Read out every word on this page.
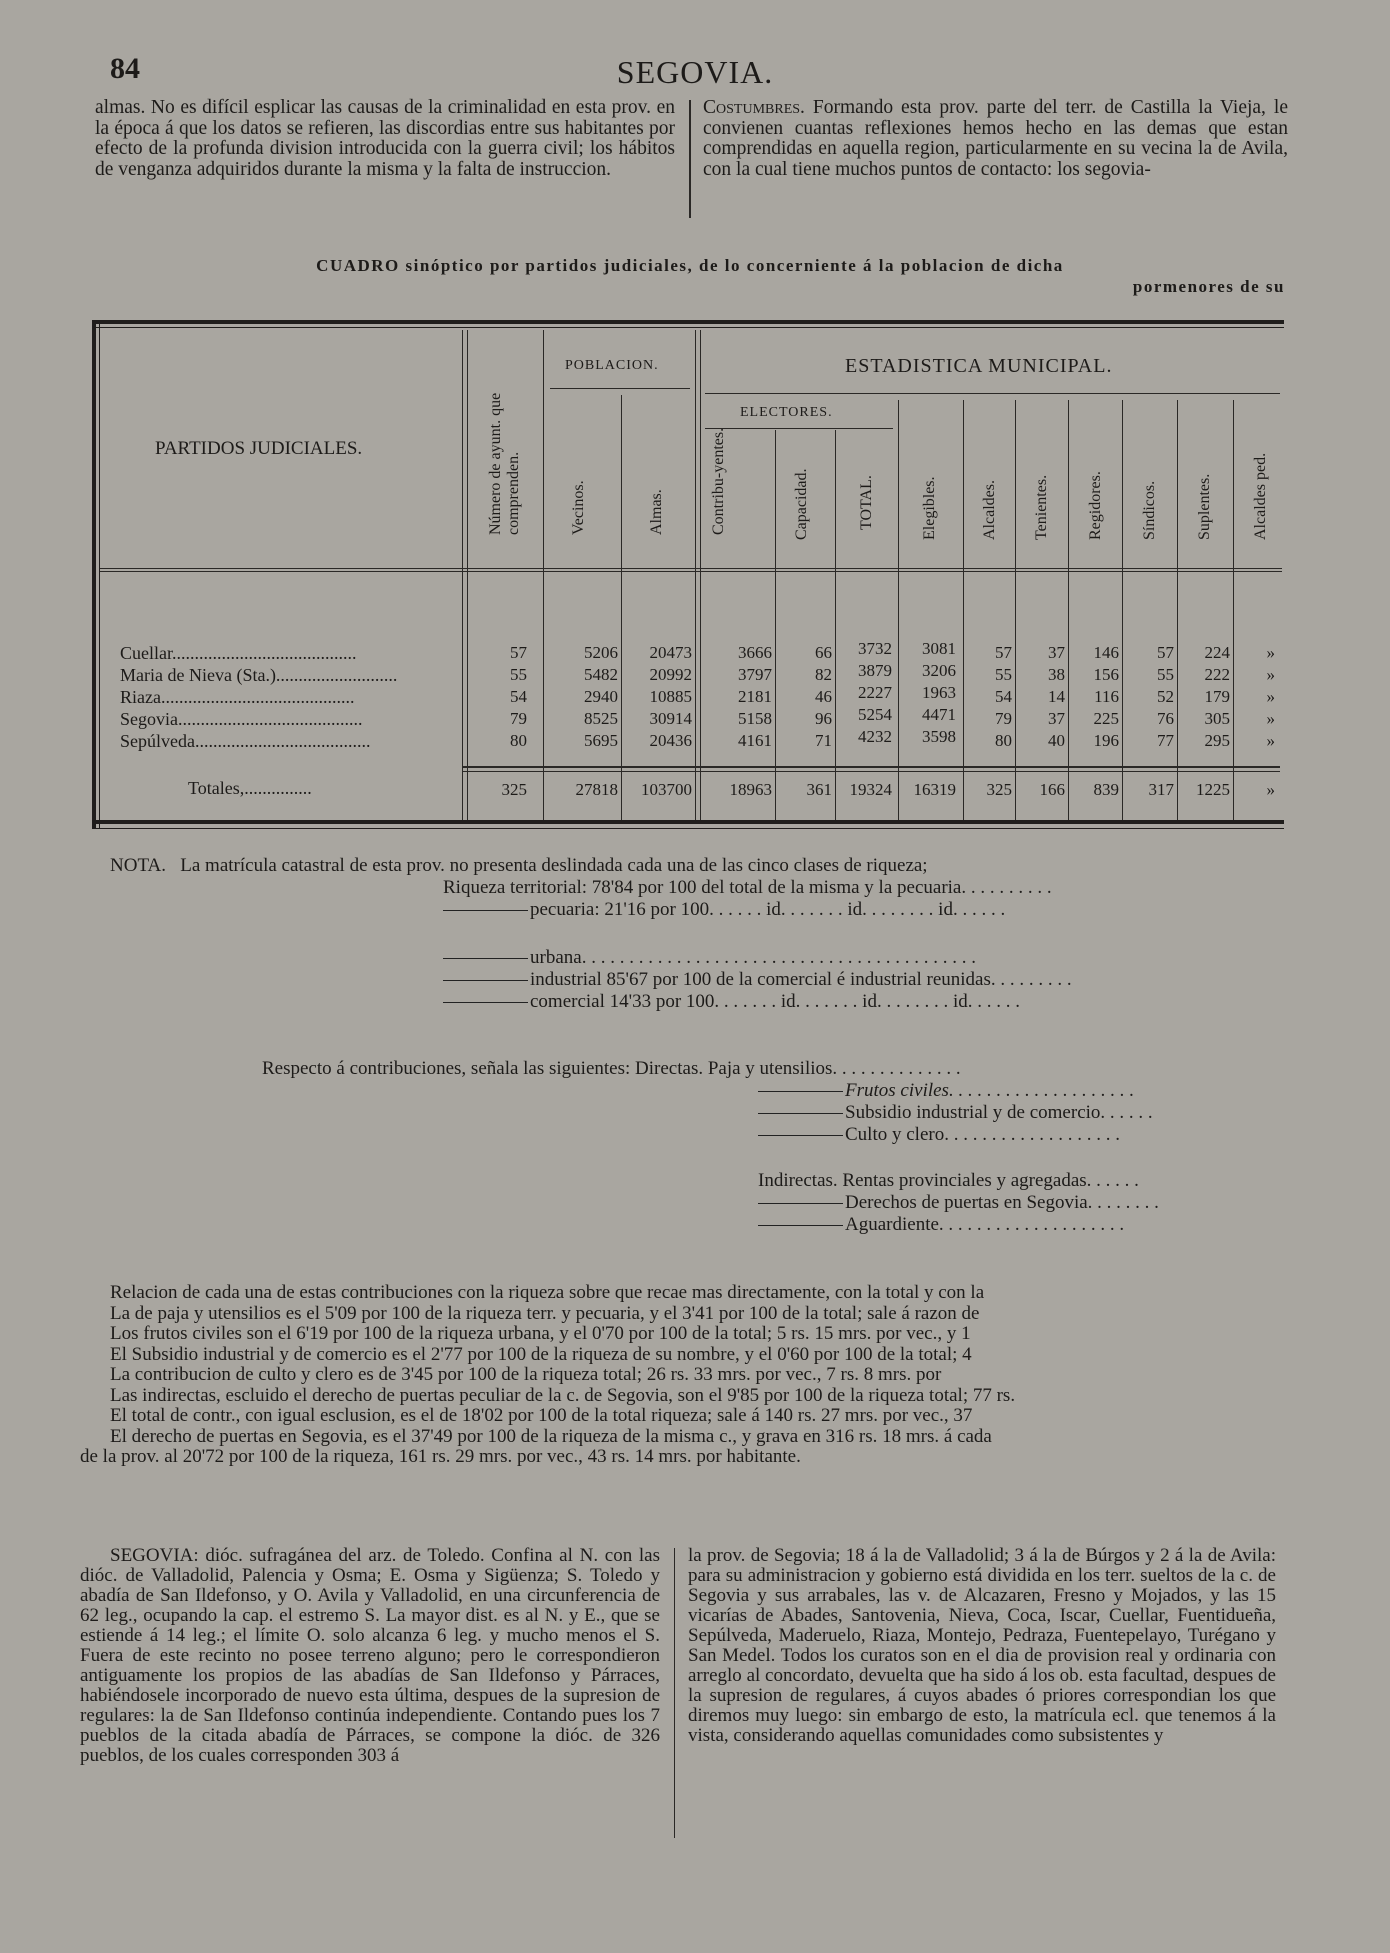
84	SEGOVIA.

almas. No es difícil esplicar las causas de la criminalidad en esta prov. en la época á que los datos se refieren, las discordias entre sus habitantes por efecto de la profunda division introducida con la guerra civil; los hábitos de venganza adquiridos durante la misma y la falta de instruccion.

Costumbres. Formando esta prov. parte del terr. de Castilla la Vieja, le convienen cuantas reflexiones hemos hecho en las demas que estan comprendidas en aquella region, particularmente en su vecina la de Avila, con la cual tiene muchos puntos de contacto: los segovia-

CUADRO sinóptico por partidos judiciales, de lo concerniente á la poblacion de dicha
pormenores de su
PARTIDOS JUDICIALES.	Número de ayunt. que comprenden.
POBLACION.
Vecinos.	Almas.
ESTADISTICA MUNICIPAL.
ELECTORES.
Contribu-yentes.	Capacidad.	TOTAL.	Elegibles.	Alcaldes. Tenientes. Regidores. Síndicos. Suplentes. Alcaldes ped.
Cuellar.........................................	57	5206	20473	3666	66	3732	3081	57	37	146	57	224	»
Maria de Nieva (Sta.)...........................	55	5482	20992	3797	82	3879	3206	55	38	156	55	222	»
Riaza...........................................	54	2940	10885	2181	46	2227	1963	54	14	116	52	179	»
Segovia.........................................	79	8525	30914	5158	96	5254	4471	79	37	225	76	305	»
Sepúlveda.......................................	80	5695	20436	4161	71	4232	3598	80	40	196	77	295	»
Totales,...............	325	27818	103700	18963	361	19324	16319	325	166	839	317	1225	»
NOTA. La matrícula catastral de esta prov. no presenta deslindada cada una de las cinco clases de riqueza;
Riqueza territorial: 78'84 por 100 del total de la misma y la pecuaria. . . . . . . . . .
pecuaria: 21'16 por 100. . . . . . id. . . . . . . id. . . . . . . . id. . . . . .
urbana. . . . . . . . . . . . . . . . . . . . . . . . . . . . . . . . . . . . . . . . . .
industrial 85'67 por 100 de la comercial é industrial reunidas. . . . . . . . .
comercial 14'33 por 100. . . . . . . id. . . . . . . id. . . . . . . . id. . . . . .
Respecto á contribuciones, señala las siguientes: Directas. Paja y utensilios. . . . . . . . . . . . . .
Frutos civiles. . . . . . . . . . . . . . . . . . . .
Subsidio industrial y de comercio. . . . . .
Culto y clero. . . . . . . . . . . . . . . . . . .
Indirectas. Rentas provinciales y agregadas. . . . . .
Derechos de puertas en Segovia. . . . . . . .
Aguardiente. . . . . . . . . . . . . . . . . . . .

Relacion de cada una de estas contribuciones con la riqueza sobre que recae mas directamente, con la total y con la

La de paja y utensilios es el 5'09 por 100 de la riqueza terr. y pecuaria, y el 3'41 por 100 de la total; sale á razon de

Los frutos civiles son el 6'19 por 100 de la riqueza urbana, y el 0'70 por 100 de la total; 5 rs. 15 mrs. por vec., y 1

El Subsidio industrial y de comercio es el 2'77 por 100 de la riqueza de su nombre, y el 0'60 por 100 de la total; 4

La contribucion de culto y clero es de 3'45 por 100 de la riqueza total; 26 rs. 33 mrs. por vec., 7 rs. 8 mrs. por

Las indirectas, escluido el derecho de puertas peculiar de la c. de Segovia, son el 9'85 por 100 de la riqueza total; 77 rs.

El total de contr., con igual esclusion, es el de 18'02 por 100 de la total riqueza; sale á 140 rs. 27 mrs. por vec., 37

El derecho de puertas en Segovia, es el 37'49 por 100 de la riqueza de la misma c., y grava en 316 rs. 18 mrs. á cada

de la prov. al 20'72 por 100 de la riqueza, 161 rs. 29 mrs. por vec., 43 rs. 14 mrs. por habitante.

SEGOVIA: dióc. sufragánea del arz. de Toledo. Confina al N. con las dióc. de Valladolid, Palencia y Osma; E. Osma y Sigüenza; S. Toledo y abadía de San Ildefonso, y O. Avila y Valladolid, en una circunferencia de 62 leg., ocupando la cap. el estremo S. La mayor dist. es al N. y E., que se estiende á 14 leg.; el límite O. solo alcanza 6 leg. y mucho menos el S. Fuera de este recinto no posee terreno alguno; pero le correspondieron antiguamente los propios de las abadías de San Ildefonso y Párraces, habiéndosele incorporado de nuevo esta última, despues de la supresion de regulares: la de San Ildefonso continúa independiente. Contando pues los 7 pueblos de la citada abadía de Párraces, se compone la dióc. de 326 pueblos, de los cuales corresponden 303 á

la prov. de Segovia; 18 á la de Valladolid; 3 á la de Búrgos y 2 á la de Avila: para su administracion y gobierno está dividida en los terr. sueltos de la c. de Segovia y sus arrabales, las v. de Alcazaren, Fresno y Mojados, y las 15 vicarías de Abades, Santovenia, Nieva, Coca, Iscar, Cuellar, Fuentidueña, Sepúlveda, Maderuelo, Riaza, Montejo, Pedraza, Fuentepelayo, Turégano y San Medel. Todos los curatos son en el dia de provision real y ordinaria con arreglo al concordato, devuelta que ha sido á los ob. esta facultad, despues de la supresion de regulares, á cuyos abades ó priores correspondian los que diremos muy luego: sin embargo de esto, la matrícula ecl. que tenemos á la vista, considerando aquellas comunidades como subsistentes y
